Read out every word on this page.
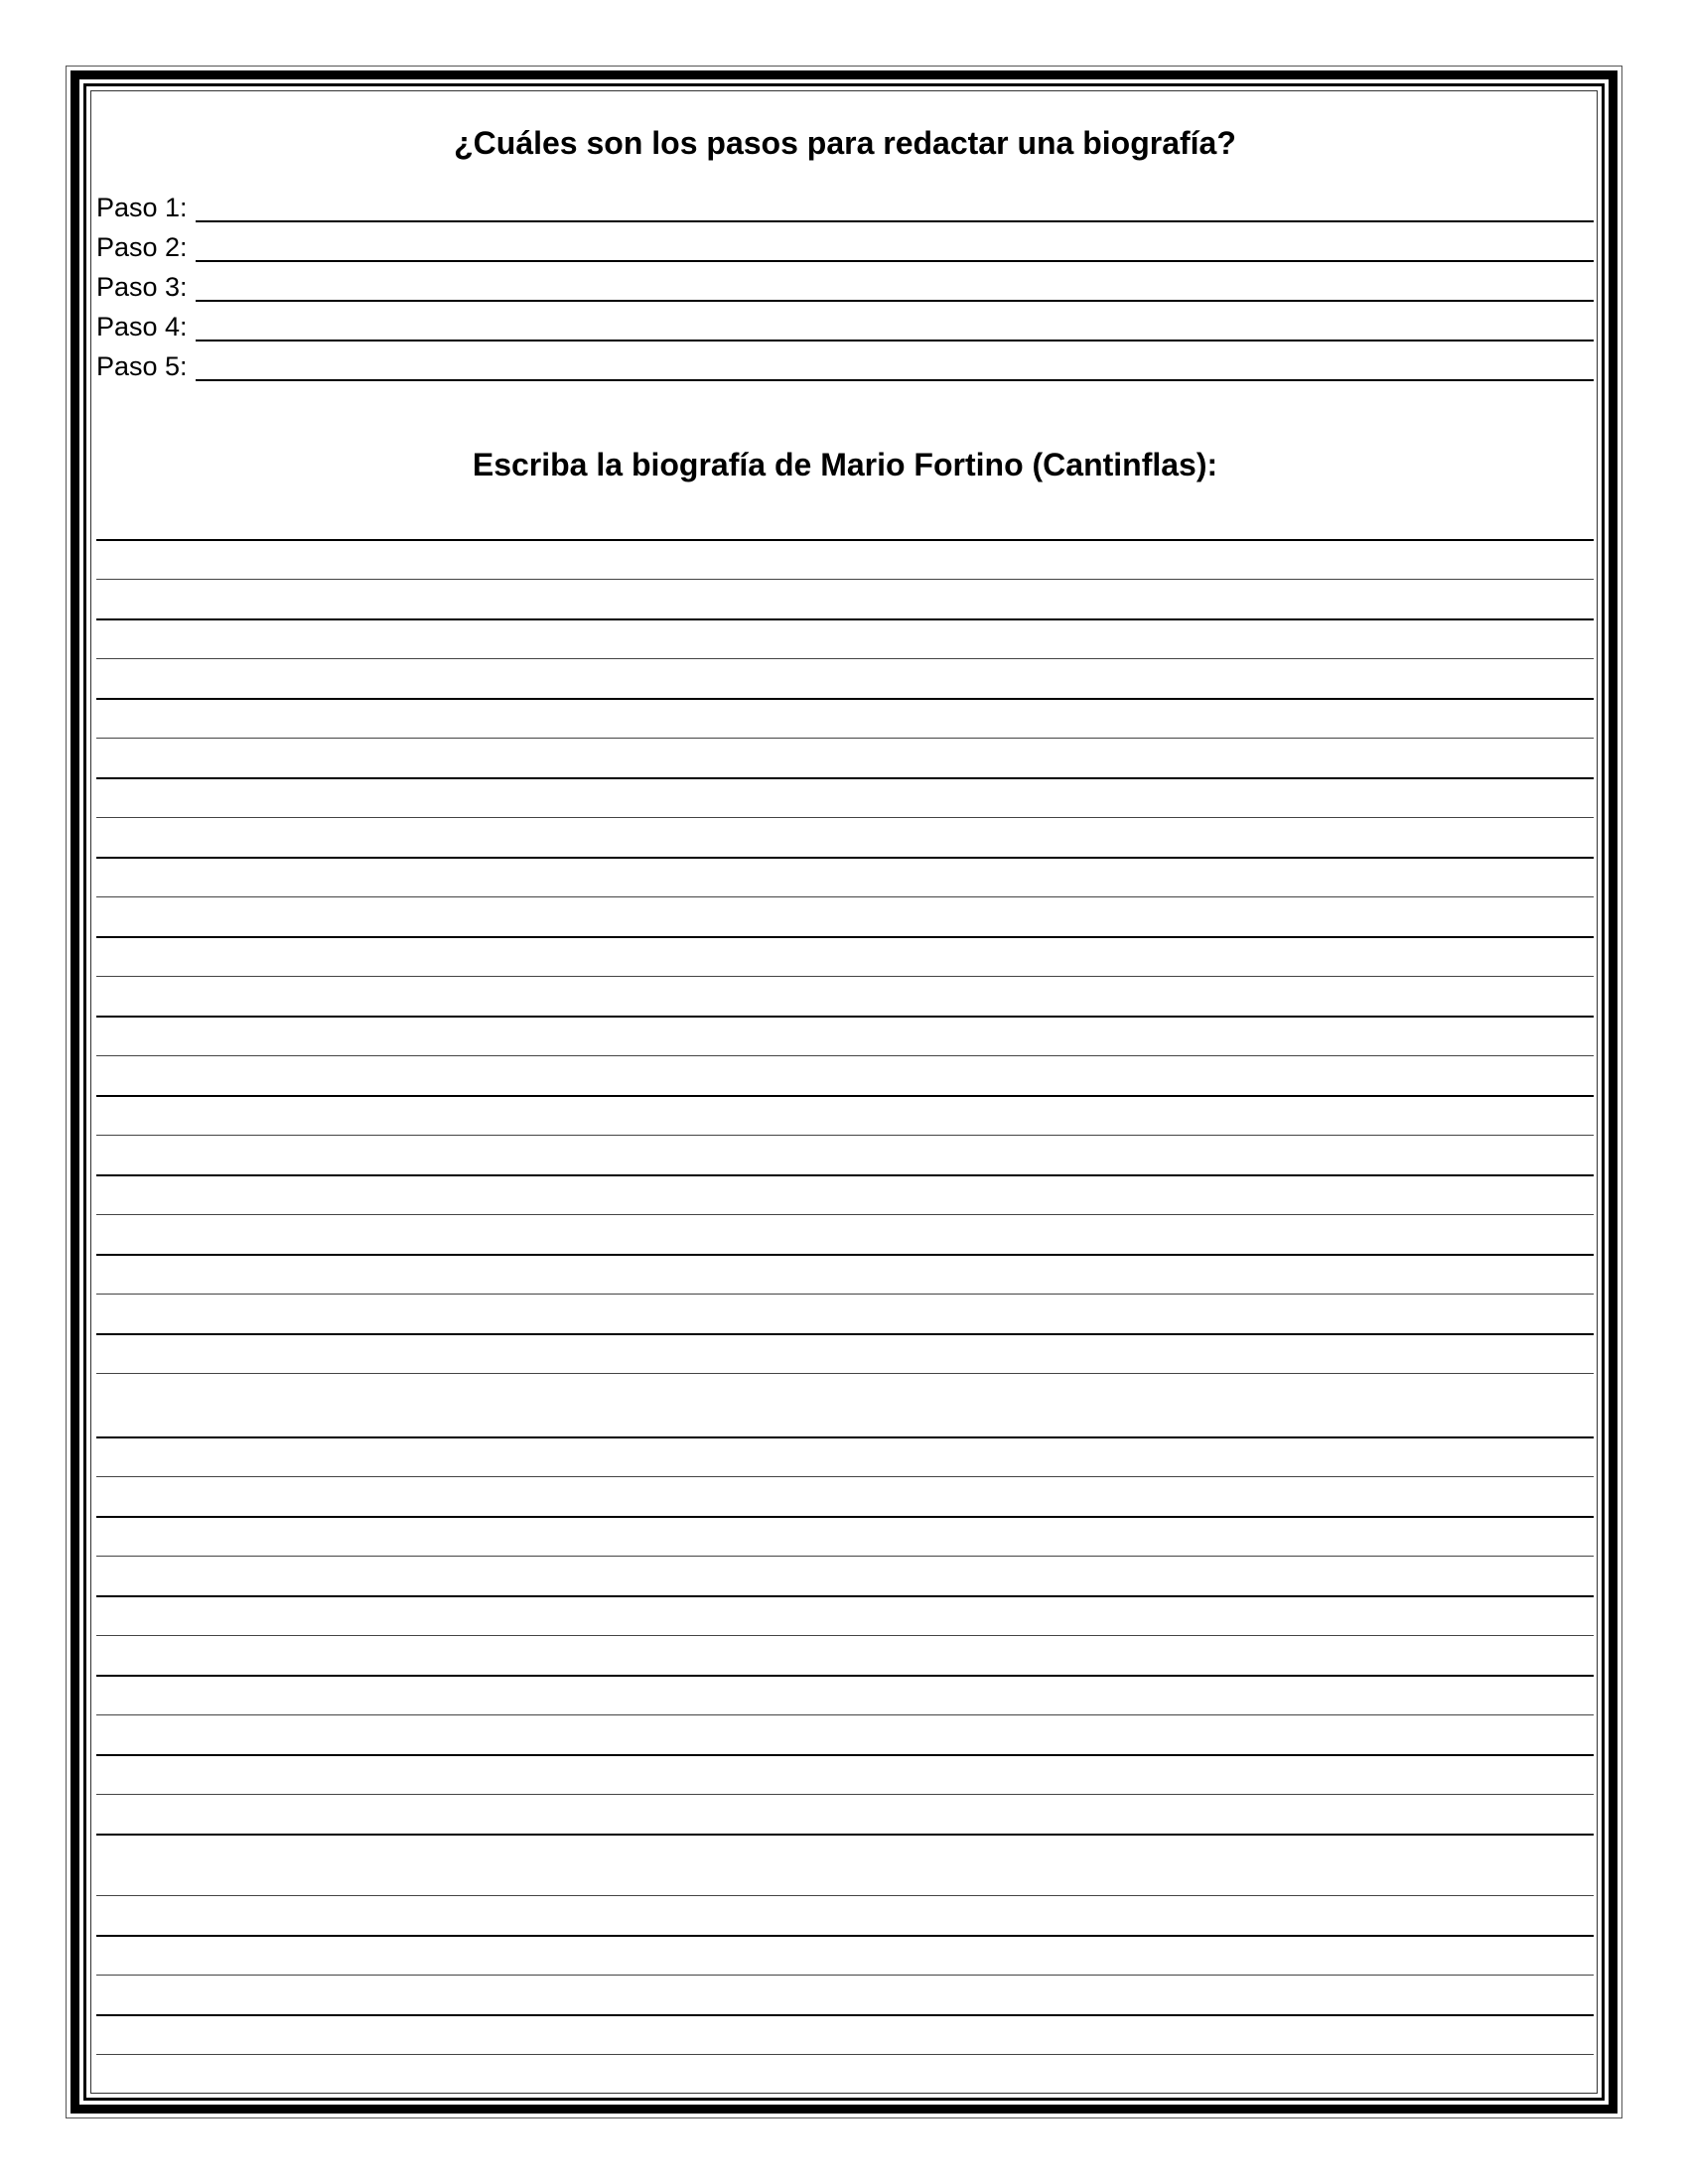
¿Cuáles son los pasos para redactar una biografía?
Paso 1:
Paso 2:
Paso 3:
Paso 4:
Paso 5:
Escriba la biografía de Mario Fortino (Cantinflas):
